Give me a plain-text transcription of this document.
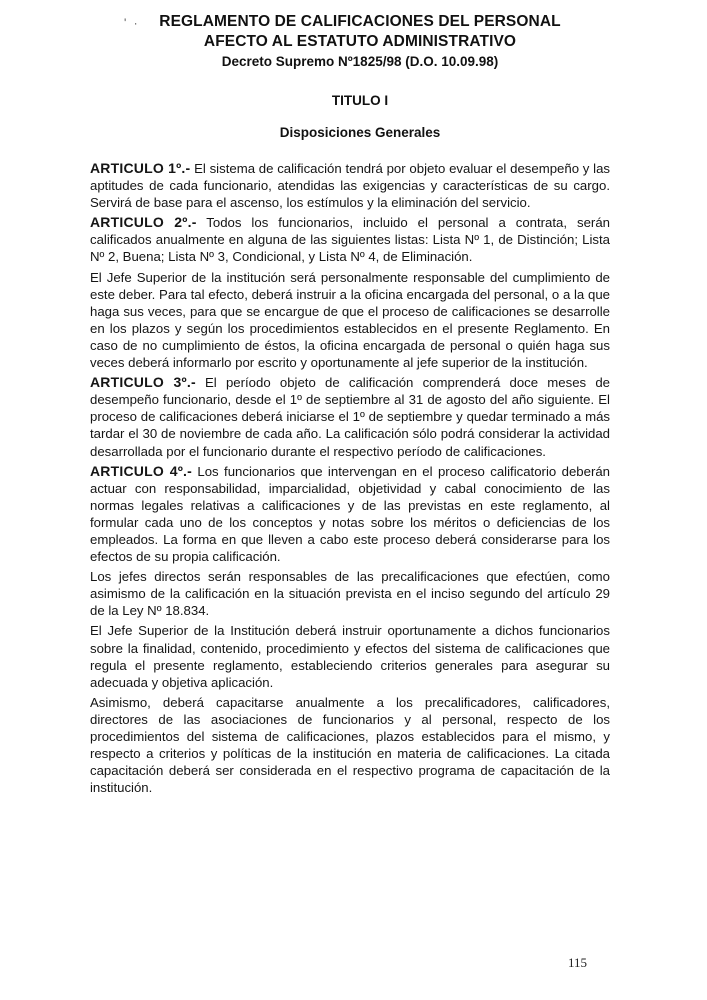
' ·	REGLAMENTO DE CALIFICACIONES DEL PERSONAL
AFECTO AL ESTATUTO ADMINISTRATIVO
Decreto Supremo Nº1825/98 (D.O. 10.09.98)
TITULO I
Disposiciones Generales

ARTICULO 1º.- El sistema de calificación tendrá por objeto evaluar el desempeño y las aptitudes de cada funcionario, atendidas las exigencias y características de su cargo. Servirá de base para el ascenso, los estímulos y la eliminación del servicio.

ARTICULO 2º.- Todos los funcionarios, incluido el personal a contrata, serán calificados anualmente en alguna de las siguientes listas: Lista Nº 1, de Distinción; Lista Nº 2, Buena; Lista Nº 3, Condicional, y Lista Nº 4, de Eliminación.

El Jefe Superior de la institución será personalmente responsable del cumplimiento de este deber. Para tal efecto, deberá instruir a la oficina encargada del personal, o a la que haga sus veces, para que se encargue de que el proceso de calificaciones se desarrolle en los plazos y según los procedimientos establecidos en el presente Reglamento. En caso de no cumplimiento de éstos, la oficina encargada de personal o quién haga sus veces deberá informarlo por escrito y oportunamente al jefe superior de la institución.

ARTICULO 3º.- El período objeto de calificación comprenderá doce meses de desempeño funcionario, desde el 1º de septiembre al 31 de agosto del año siguiente. El proceso de calificaciones deberá iniciarse el 1º de septiembre y quedar terminado a más tardar el 30 de noviembre de cada año. La calificación sólo podrá considerar la actividad desarrollada por el funcionario durante el respectivo período de calificaciones.

ARTICULO 4º.- Los funcionarios que intervengan en el proceso calificatorio deberán actuar con responsabilidad, imparcialidad, objetividad y cabal conocimiento de las normas legales relativas a calificaciones y de las previstas en este reglamento, al formular cada uno de los conceptos y notas sobre los méritos o deficiencias de los empleados. La forma en que lleven a cabo este proceso deberá considerarse para los efectos de su propia calificación.

Los jefes directos serán responsables de las precalificaciones que efectúen, como asimismo de la calificación en la situación prevista en el inciso segundo del artículo 29 de la Ley Nº 18.834.

El Jefe Superior de la Institución deberá instruir oportunamente a dichos funcionarios sobre la finalidad, contenido, procedimiento y efectos del sistema de calificaciones que regula el presente reglamento, estableciendo criterios generales para asegurar su adecuada y objetiva aplicación.

Asimismo, deberá capacitarse anualmente a los precalificadores, calificadores, directores de las asociaciones de funcionarios y al personal, respecto de los procedimientos del sistema de calificaciones, plazos establecidos para el mismo, y respecto a criterios y políticas de la institución en materia de calificaciones. La citada capacitación deberá ser considerada en el respectivo programa de capacitación de la institución.

115
